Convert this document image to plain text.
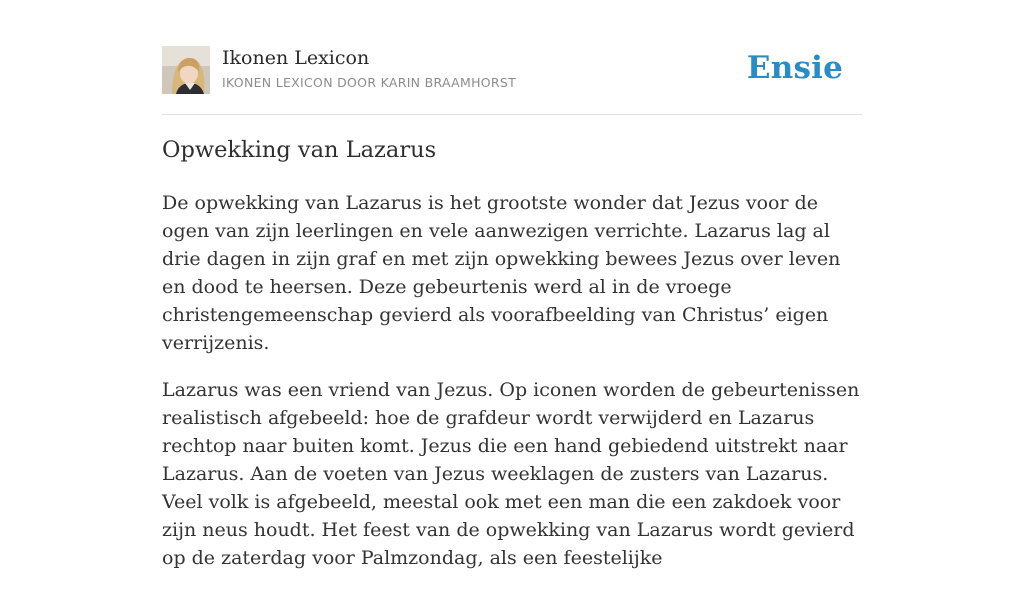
Ikonen Lexicon
IKONEN LEXICON DOOR KARIN BRAAMHORST	Ensie
Opwekking van Lazarus

De opwekking van Lazarus is het grootste wonder dat Jezus voor de ogen van zijn leerlingen en vele aanwezigen verrichte. Lazarus lag al drie dagen in zijn graf en met zijn opwekking bewees Jezus over leven en dood te heersen. Deze gebeurtenis werd al in de vroege christengemeenschap gevierd als voorafbeelding van Christus’ eigen verrijzenis.

Lazarus was een vriend van Jezus. Op iconen worden de gebeurtenissen realistisch afgebeeld: hoe de grafdeur wordt verwijderd en Lazarus rechtop naar buiten komt. Jezus die een hand gebiedend uitstrekt naar Lazarus. Aan de voeten van Jezus weeklagen de zusters van Lazarus. Veel volk is afgebeeld, meestal ook met een man die een zakdoek voor zijn neus houdt. Het feest van de opwekking van Lazarus wordt gevierd op de zaterdag voor Palmzondag, als een feestelijke
